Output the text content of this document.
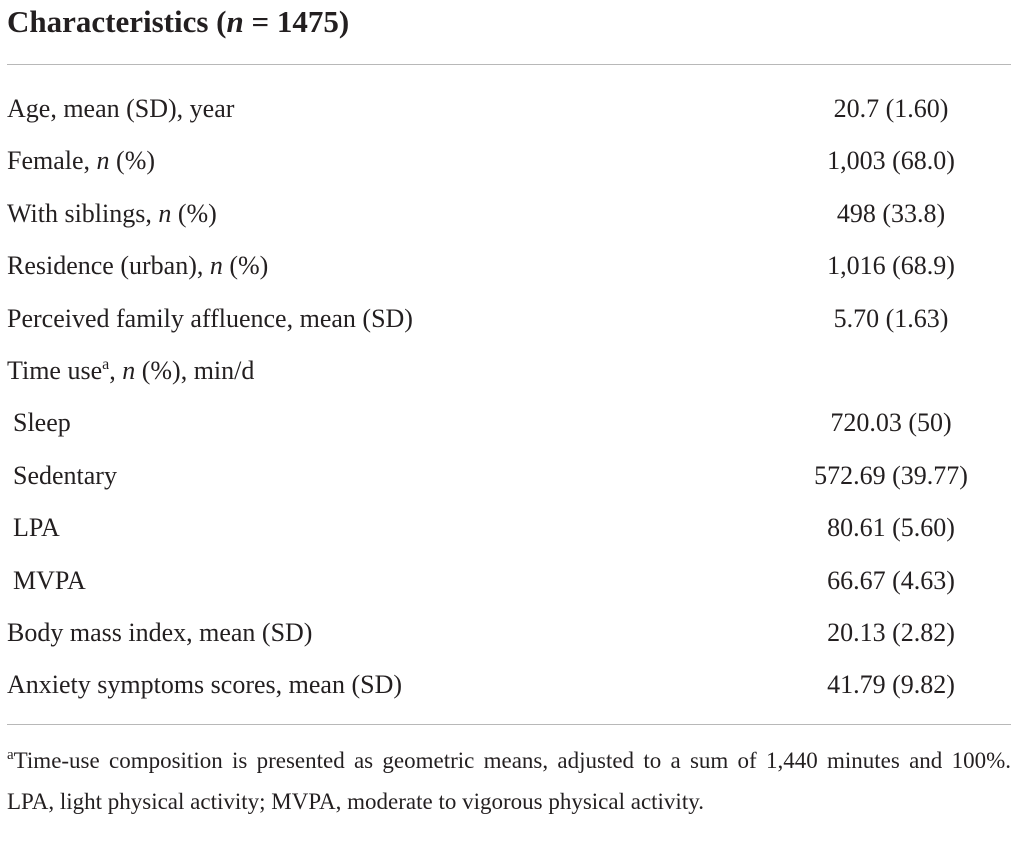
Characteristics (n = 1475)
Age, mean (SD), year	20.7 (1.60)
Female, n (%)	1,003 (68.0)
With siblings, n (%)	498 (33.8)
Residence (urban), n (%)	1,016 (68.9)
Perceived family affluence, mean (SD)	5.70 (1.63)
Time use$^a$, n (%), min/d
Sleep	720.03 (50)
Sedentary	572.69 (39.77)
LPA	80.61 (5.60)
MVPA	66.67 (4.63)
Body mass index, mean (SD)	20.13 (2.82)
Anxiety symptoms scores, mean (SD)	41.79 (9.82)
$^a$Time-use composition is presented as geometric means, adjusted to a sum of 1,440 minutes and 100%. LPA, light physical activity; MVPA, moderate to vigorous physical activity.
